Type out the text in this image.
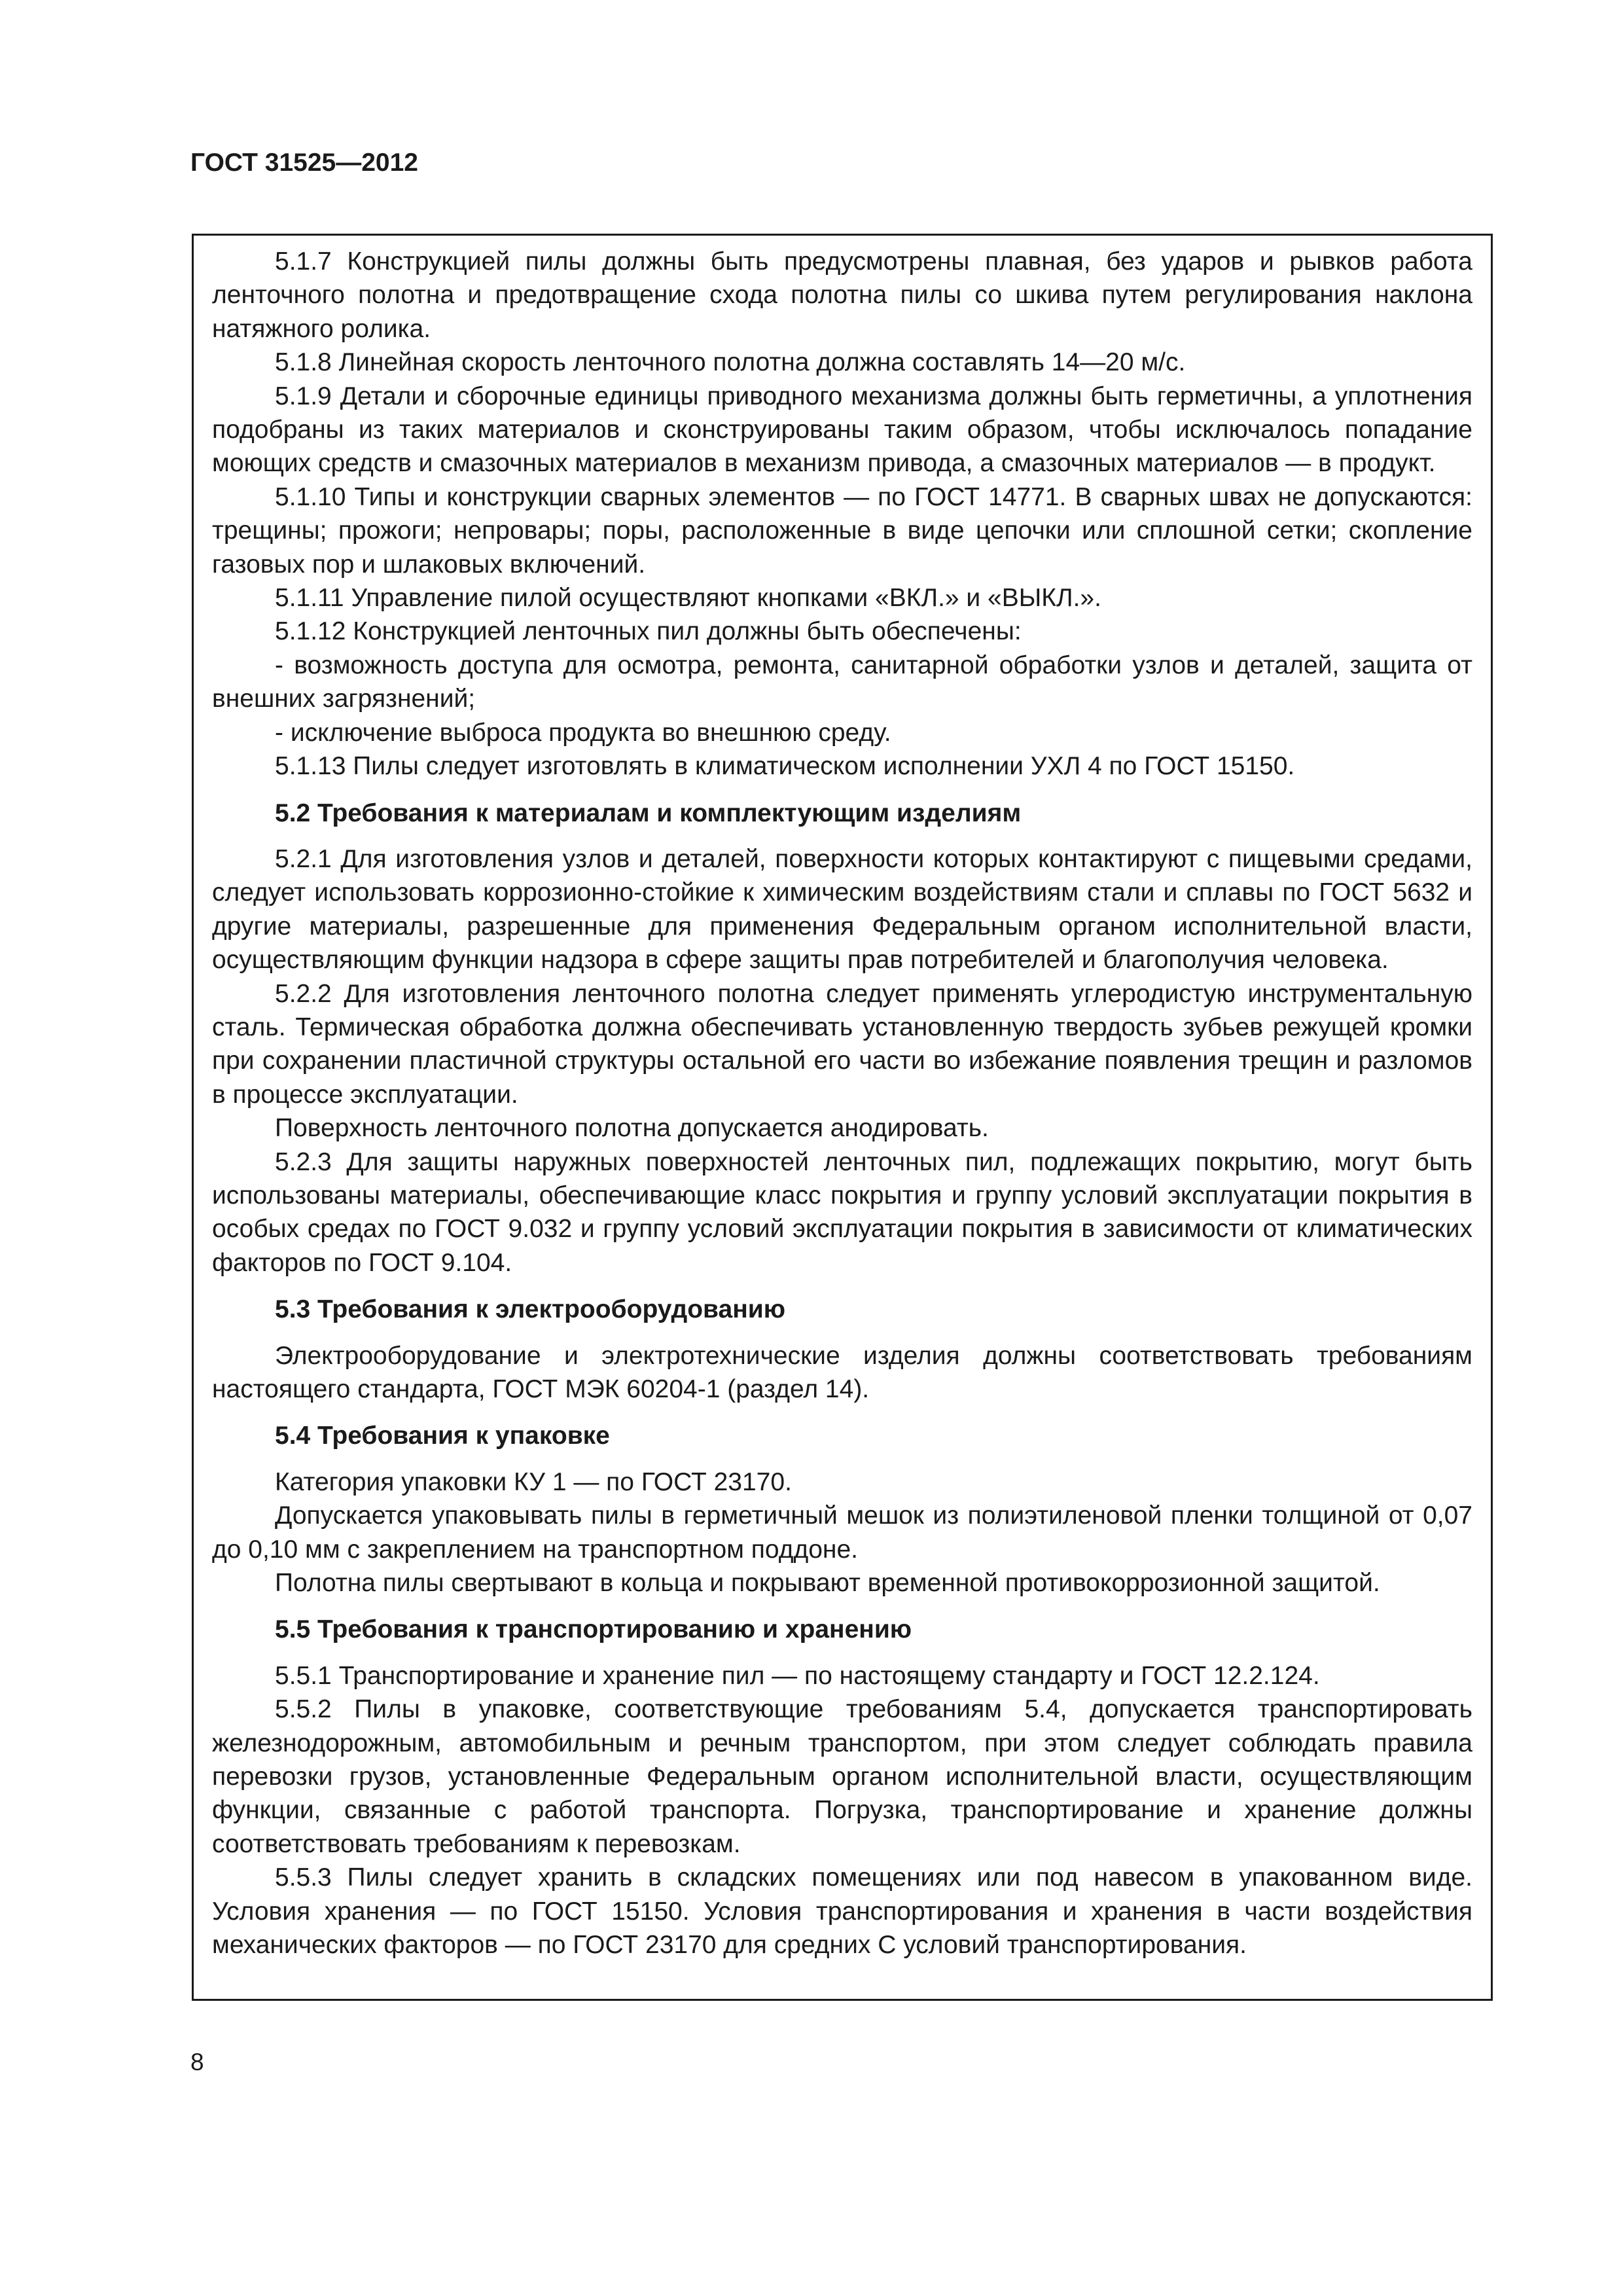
ГОСТ 31525—2012

5.1.7 Конструкцией пилы должны быть предусмотрены плавная, без ударов и рывков работа ленточного полотна и предотвращение схода полотна пилы со шкива путем регулирования наклона натяжного ролика.

5.1.8 Линейная скорость ленточного полотна должна составлять 14—20 м/с.

5.1.9 Детали и сборочные единицы приводного механизма должны быть герметичны, а уплотнения подобраны из таких материалов и сконструированы таким образом, чтобы исключалось попадание моющих средств и смазочных материалов в механизм привода, а смазочных материалов — в продукт.

5.1.10 Типы и конструкции сварных элементов — по ГОСТ 14771. В сварных швах не допускаются: трещины; прожоги; непровары; поры, расположенные в виде цепочки или сплошной сетки; скопление газовых пор и шлаковых включений.

5.1.11 Управление пилой осуществляют кнопками «ВКЛ.» и «ВЫКЛ.».

5.1.12 Конструкцией ленточных пил должны быть обеспечены:

- возможность доступа для осмотра, ремонта, санитарной обработки узлов и деталей, защита от внешних загрязнений;

- исключение выброса продукта во внешнюю среду.

5.1.13 Пилы следует изготовлять в климатическом исполнении УХЛ 4 по ГОСТ 15150.

5.2 Требования к материалам и комплектующим изделиям

5.2.1 Для изготовления узлов и деталей, поверхности которых контактируют с пищевыми средами, следует использовать коррозионно-стойкие к химическим воздействиям стали и сплавы по ГОСТ 5632 и другие материалы, разрешенные для применения Федеральным органом исполнительной власти, осуществляющим функции надзора в сфере защиты прав потребителей и благополучия человека.

5.2.2 Для изготовления ленточного полотна следует применять углеродистую инструментальную сталь. Термическая обработка должна обеспечивать установленную твердость зубьев режущей кромки при сохранении пластичной структуры остальной его части во избежание появления трещин и разломов в процессе эксплуатации.

Поверхность ленточного полотна допускается анодировать.

5.2.3 Для защиты наружных поверхностей ленточных пил, подлежащих покрытию, могут быть использованы материалы, обеспечивающие класс покрытия и группу условий эксплуатации покрытия в особых средах по ГОСТ 9.032 и группу условий эксплуатации покрытия в зависимости от климатических факторов по ГОСТ 9.104.

5.3 Требования к электрооборудованию

Электрооборудование и электротехнические изделия должны соответствовать требованиям настоящего стандарта, ГОСТ МЭК 60204-1 (раздел 14).

5.4 Требования к упаковке

Категория упаковки КУ 1 — по ГОСТ 23170.

Допускается упаковывать пилы в герметичный мешок из полиэтиленовой пленки толщиной от 0,07 до 0,10 мм с закреплением на транспортном поддоне.

Полотна пилы свертывают в кольца и покрывают временной противокоррозионной защитой.

5.5 Требования к транспортированию и хранению

5.5.1 Транспортирование и хранение пил — по настоящему стандарту и ГОСТ 12.2.124.

5.5.2 Пилы в упаковке, соответствующие требованиям 5.4, допускается транспортировать железнодорожным, автомобильным и речным транспортом, при этом следует соблюдать правила перевозки грузов, установленные Федеральным органом исполнительной власти, осуществляющим функции, связанные с работой транспорта. Погрузка, транспортирование и хранение должны соответствовать требованиям к перевозкам.

5.5.3 Пилы следует хранить в складских помещениях или под навесом в упакованном виде. Условия хранения — по ГОСТ 15150. Условия транспортирования и хранения в части воздействия механических факторов — по ГОСТ 23170 для средних С условий транспортирования.

8
